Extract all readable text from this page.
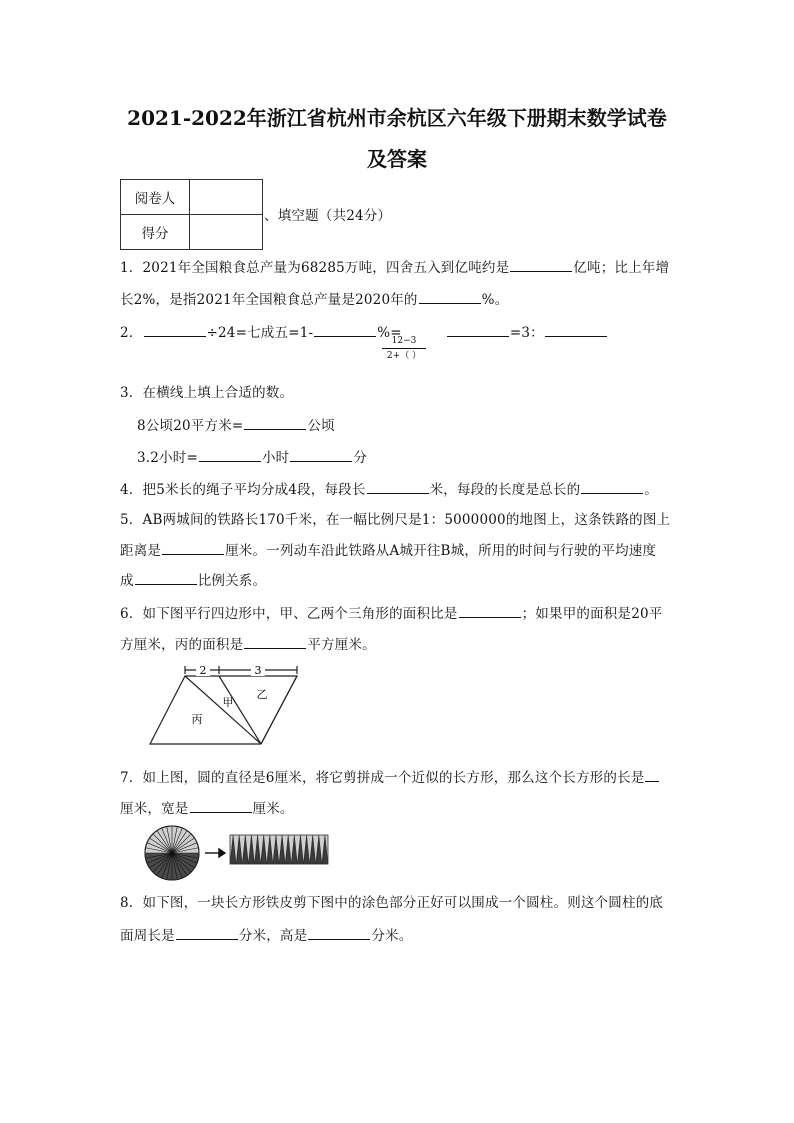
2021-2022年浙江省杭州市余杭区六年级下册期末数学试卷
及答案
阅卷人	
得分	
、填空题（共24分）
1．2021年全国粮食总产量为68285万吨，四舍五入到亿吨约是	亿吨；比上年增
长2%，是指2021年全国粮食总产量是2020年的	%。
2．	÷24=七成五=1-	%=	=3：
$\frac{12-3}{2+( )}$
3．在横线上填上合适的数。
8公顷20平方米=	公顷
3.2小时=	小时	分
4．把5米长的绳子平均分成4段，每段长	米，每段的长度是总长的	。
5．AB两城间的铁路长170千米，在一幅比例尺是1：5000000的地图上，这条铁路的图上
距离是	厘米。一列动车沿此铁路从A城开往B城，所用的时间与行驶的平均速度
成	比例关系。
6．如下图平行四边形中，甲、乙两个三角形的面积比是	；如果甲的面积是20平
方厘米，丙的面积是	平方厘米。
2	3
甲
乙
丙
7．如上图，圆的直径是6厘米，将它剪拼成一个近似的长方形，那么这个长方形的长是
厘米，宽是	厘米。
8．如下图，一块长方形铁皮剪下图中的涂色部分正好可以围成一个圆柱。则这个圆柱的底
面周长是	分米，高是	分米。
